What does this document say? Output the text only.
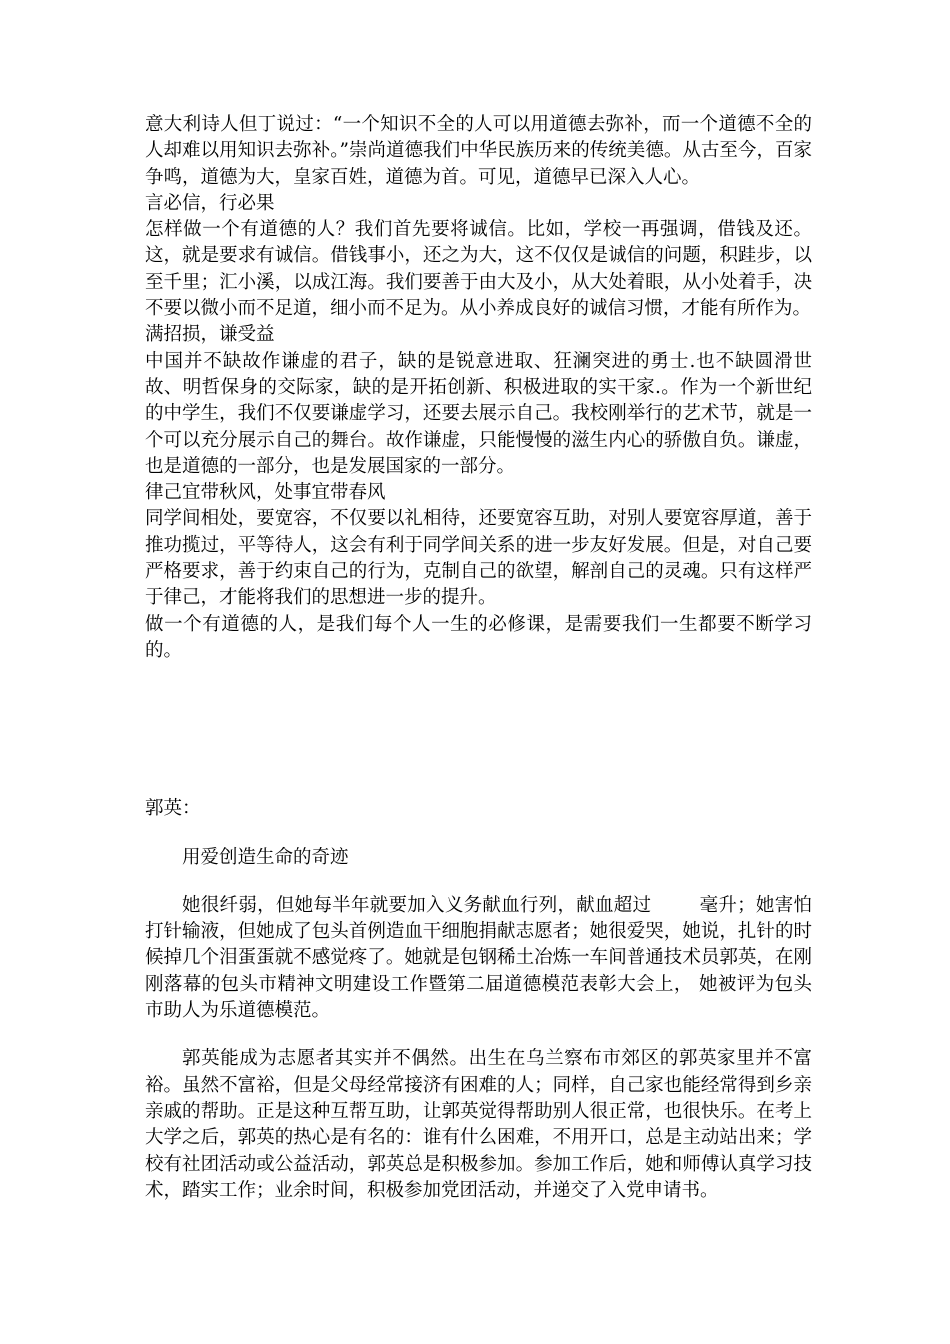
意大利诗人但丁说过：“一个知识不全的人可以用道德去弥补，而一个道德不全的人却难以用知识去弥补。”崇尚道德我们中华民族历来的传统美德。从古至今，百家争鸣，道德为大，皇家百姓，道德为首。可见，道德早已深入人心。

言必信，行必果

怎样做一个有道德的人？我们首先要将诚信。比如，学校一再强调，借钱及还。这，就是要求有诚信。借钱事小，还之为大，这不仅仅是诚信的问题，积跬步，以至千里；汇小溪，以成江海。我们要善于由大及小，从大处着眼，从小处着手，决不要以微小而不足道，细小而不足为。从小养成良好的诚信习惯，才能有所作为。

满招损，谦受益

中国并不缺故作谦虚的君子，缺的是锐意进取、狂澜突进的勇士.也不缺圆滑世故、明哲保身的交际家，缺的是开拓创新、积极进取的实干家.。作为一个新世纪的中学生，我们不仅要谦虚学习，还要去展示自己。我校刚举行的艺术节，就是一个可以充分展示自己的舞台。故作谦虚，只能慢慢的滋生内心的骄傲自负。谦虚，也是道德的一部分，也是发展国家的一部分。

律己宜带秋风，处事宜带春风

同学间相处，要宽容，不仅要以礼相待，还要宽容互助，对别人要宽容厚道，善于推功揽过，平等待人，这会有利于同学间关系的进一步友好发展。但是，对自己要严格要求，善于约束自己的行为，克制自己的欲望，解剖自己的灵魂。只有这样严于律己，才能将我们的思想进一步的提升。

做一个有道德的人，是我们每个人一生的必修课，是需要我们一生都要不断学习的。

郭英：

用爱创造生命的奇迹

她很纤弱，但她每半年就要加入义务献血行列，献血超过	毫升；她害怕打针输液，但她成了包头首例造血干细胞捐献志愿者；她很爱哭，她说，扎针的时候掉几个泪蛋蛋就不感觉疼了。她就是包钢稀土冶炼一车间普通技术员郭英，在刚刚落幕的包头市精神文明建设工作暨第二届道德模范表彰大会上， 她被评为包头市助人为乐道德模范。

郭英能成为志愿者其实并不偶然。出生在乌兰察布市郊区的郭英家里并不富裕。虽然不富裕，但是父母经常接济有困难的人；同样，自己家也能经常得到乡亲亲戚的帮助。正是这种互帮互助，让郭英觉得帮助别人很正常，也很快乐。在考上大学之后，郭英的热心是有名的：谁有什么困难，不用开口，总是主动站出来；学校有社团活动或公益活动，郭英总是积极参加。参加工作后，她和师傅认真学习技术，踏实工作；业余时间，积极参加党团活动，并递交了入党申请书。
